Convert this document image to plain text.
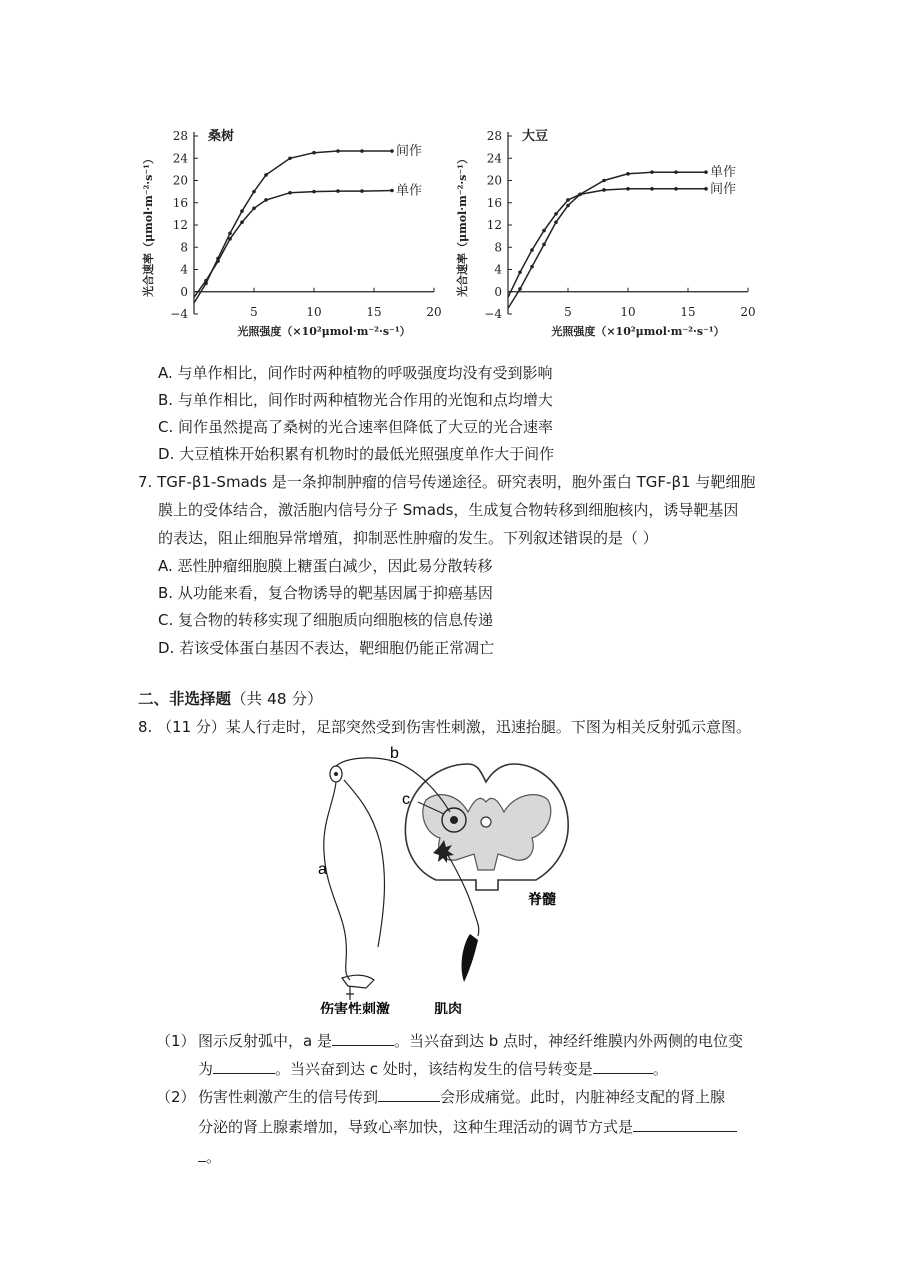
28
24
20
16
12
8
4
0
−4	5	10	15	20
桑树
光合速率（μmol·m⁻²·s⁻¹）
光照强度（×10²μmol·m⁻²·s⁻¹）
间作
单作
28
24
20
16
12
8
4
0
−4	5	10	15	20
大豆
光合速率（μmol·m⁻²·s⁻¹）
光照强度（×10²μmol·m⁻²·s⁻¹）
单作
间作
A. 与单作相比，间作时两种植物的呼吸强度均没有受到影响
B. 与单作相比，间作时两种植物光合作用的光饱和点均增大
C. 间作虽然提高了桑树的光合速率但降低了大豆的光合速率
D. 大豆植株开始积累有机物时的最低光照强度单作大于间作
7. TGF-β1-Smads 是一条抑制肿瘤的信号传递途径。研究表明，胞外蛋白 TGF-β1 与靶细胞
膜上的受体结合，激活胞内信号分子 Smads，生成复合物转移到细胞核内，诱导靶基因
的表达，阻止细胞异常增殖，抑制恶性肿瘤的发生。下列叙述错误的是（ ）
A. 恶性肿瘤细胞膜上糖蛋白减少，因此易分散转移
B. 从功能来看，复合物诱导的靶基因属于抑癌基因
C. 复合物的转移实现了细胞质向细胞核的信息传递
D. 若该受体蛋白基因不表达，靶细胞仍能正常凋亡
二、非选择题（共 48 分）
8. （11 分）某人行走时，足部突然受到伤害性刺激，迅速抬腿。下图为相关反射弧示意图。
b
c
a
脊髓
伤害性刺激	肌肉
（1） 图示反射弧中，a 是	。当兴奋到达 b 点时，神经纤维膜内外两侧的电位变
为	。当兴奋到达 c 处时，该结构发生的信号转变是	。
（2） 伤害性刺激产生的信号传到	会形成痛觉。此时，内脏神经支配的肾上腺
分泌的肾上腺素增加，导致心率加快，这种生理活动的调节方式是
。
